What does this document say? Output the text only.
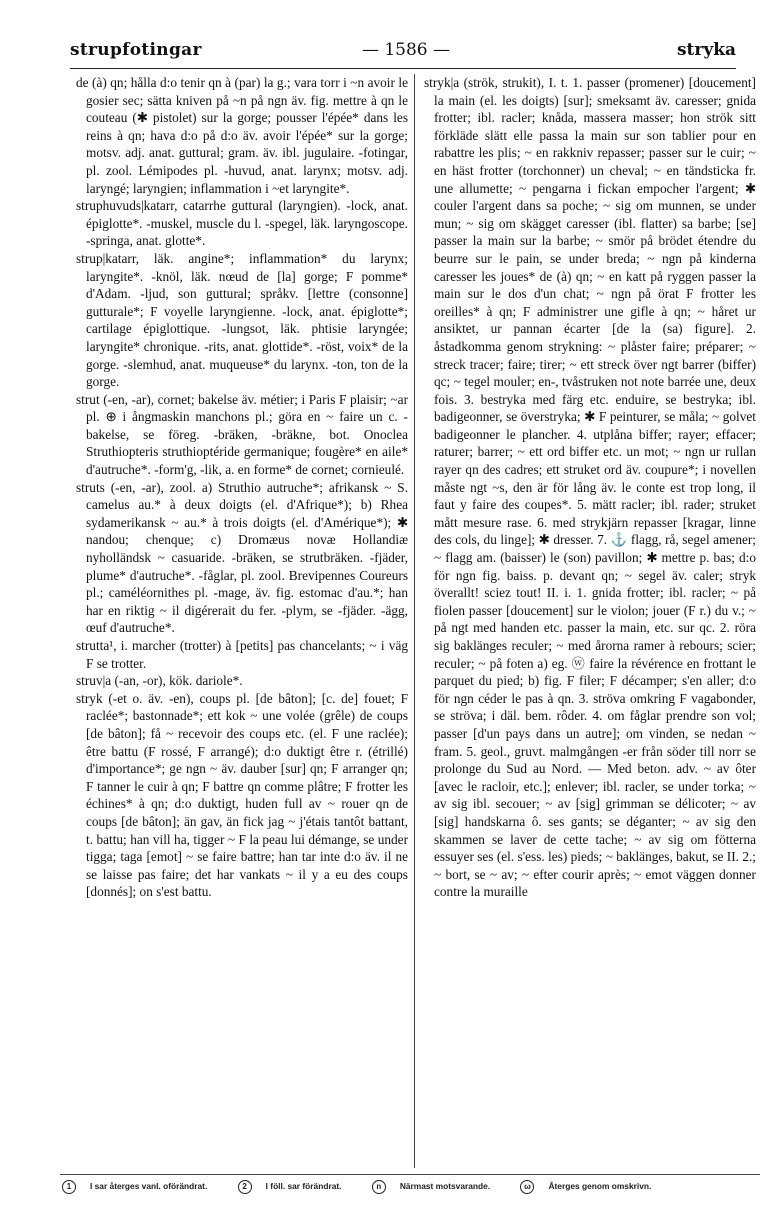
strupfotingar	— 1586 —	stryka

de (à) qn; hålla d:o tenir qn à (par) la g.; vara torr i ~n avoir le gosier sec; sätta kniven på ~n på ngn äv. fig. mettre à qn le couteau (✱ pistolet) sur la gorge; pousser l'épée* dans les reins à qn; hava d:o på d:o äv. avoir l'épée* sur la gorge; motsv. adj. anat. guttural; gram. äv. ibl. jugulaire. -fotingar, pl. zool. Lémipodes pl. -huvud, anat. larynx; motsv. adj. laryngé; laryngien; inflammation i ~et laryngite*.

struphuvuds|katarr, catarrhe guttural (laryngien). -lock, anat. épiglotte*. -muskel, muscle du l. -spegel, läk. laryngoscope. -springa, anat. glotte*.

strup|katarr, läk. angine*; inflammation* du larynx; laryngite*. -knöl, läk. nœud de [la] gorge; F pomme* d'Adam. -ljud, son guttural; språkv. [lettre (consonne] gutturale*; F voyelle laryngienne. -lock, anat. épiglotte*; cartilage épiglottique. -lungsot, läk. phtisie laryngée; laryngite* chronique. -rits, anat. glottide*. -röst, voix* de la gorge. -slemhud, anat. muqueuse* du larynx. -ton, ton de la gorge.

strut (-en, -ar), cornet; bakelse äv. métier; i Paris F plaisir; ~ar pl. ⊕ i ångmaskin manchons pl.; göra en ~ faire un c. -bakelse, se föreg. -bräken, -bräkne, bot. Onoclea Struthiopteris struthioptéride germanique; fougère* en aile* d'autruche*. -form'g, -lik, a. en forme* de cornet; cornieulé.

struts (-en, -ar), zool. a) Struthio autruche*; afrikansk ~ S. camelus au.* à deux doigts (el. d'Afrique*); b) Rhea sydamerikansk ~ au.* à trois doigts (el. d'Amérique*); ✱ nandou; chenque; c) Dromæus novæ Hollandiæ nyholländsk ~ casuaride. -bräken, se strutbräken. -fjäder, plume* d'autruche*. -fåglar, pl. zool. Brevipennes Coureurs pl.; caméléornithes pl. -mage, äv. fig. estomac d'au.*; han har en riktig ~ il digérerait du fer. -plym, se -fjäder. -ägg, œuf d'autruche*.

strutta¹, i. marcher (trotter) à [petits] pas chancelants; ~ i väg F se trotter.

struv|a (-an, -or), kök. dariole*.

stryk (-et o. äv. -en), coups pl. [de bâton]; [c. de] fouet; F raclée*; bastonnade*; ett kok ~ une volée (grêle) de coups [de bâton]; få ~ recevoir des coups etc. (el. F une raclée); être battu (F rossé, F arrangé); d:o duktigt être r. (étrillé) d'importance*; ge ngn ~ äv. dauber [sur] qn; F arranger qn; F tanner le cuir à qn; F battre qn comme plâtre; F frotter les échines* à qn; d:o duktigt, huden full av ~ rouer qn de coups [de bâton]; än gav, än fick jag ~ j'étais tantôt battant, t. battu; han vill ha, tigger ~ F la peau lui démange, se under tigga; taga [emot] ~ se faire battre; han tar inte d:o äv. il ne se laisse pas faire; det har vankats ~ il y a eu des coups [donnés]; on s'est battu.

stryk|a (strök, strukit), I. t. 1. passer (promener) [doucement] la main (el. les doigts) [sur]; smeksamt äv. caresser; gnida frotter; ibl. racler; knåda, massera masser; hon strök sitt förkläde slätt elle passa la main sur son tablier pour en rabattre les plis; ~ en rakkniv repasser; passer sur le cuir; ~ en häst frotter (torchonner) un cheval; ~ en tändsticka fr. une allumette; ~ pengarna i fickan empocher l'argent; ✱ couler l'argent dans sa poche; ~ sig om munnen, se under mun; ~ sig om skägget caresser (ibl. flatter) sa barbe; [se] passer la main sur la barbe; ~ smör på brödet étendre du beurre sur le pain, se under breda; ~ ngn på kinderna caresser les joues* de (à) qn; ~ en katt på ryggen passer la main sur le dos d'un chat; ~ ngn på örat F frotter les oreilles* à qn; F administrer une gifle à qn; ~ håret ur ansiktet, ur pannan écarter [de la (sa) figure]. 2. åstadkomma genom strykning: ~ plåster faire; préparer; ~ streck tracer; faire; tirer; ~ ett streck över ngt barrer (biffer) qc; ~ tegel mouler; en-, tvåstruken not note barrée une, deux fois. 3. bestryka med färg etc. enduire, se bestryka; ibl. badigeonner, se överstryka; ✱ F peinturer, se måla; ~ golvet badigeonner le plancher. 4. utplåna biffer; rayer; effacer; raturer; barrer; ~ ett ord biffer etc. un mot; ~ ngn ur rullan rayer qn des cadres; ett struket ord äv. coupure*; i novellen måste ngt ~s, den är för lång äv. le conte est trop long, il faut y faire des coupes*. 5. mätt racler; ibl. rader; struket mått mesure rase. 6. med strykjärn repasser [kragar, linne des cols, du linge]; ✱ dresser. 7. ⚓ flagg, rå, segel amener; ~ flagg am. (baisser) le (son) pavillon; ✱ mettre p. bas; d:o för ngn fig. baiss. p. devant qn; ~ segel äv. caler; stryk överallt! sciez tout! II. i. 1. gnida frotter; ibl. racler; ~ på fiolen passer [doucement] sur le violon; jouer (F r.) du v.; ~ på ngt med handen etc. passer la main, etc. sur qc. 2. röra sig baklänges reculer; ~ med årorna ramer à rebours; scier; reculer; ~ på foten a) eg. ⓦ faire la révérence en frottant le parquet du pied; b) fig. F filer; F décamper; s'en aller; d:o för ngn céder le pas à qn. 3. ströva omkring F vagabonder, se ströva; i däl. bem. rôder. 4. om fåglar prendre son vol; passer [d'un pays dans un autre]; om vinden, se nedan ~ fram. 5. geol., gruvt. malmgången -er från söder till norr se prolonge du Sud au Nord. — Med beton. adv. ~ av ôter [avec le racloir, etc.]; enlever; ibl. racler, se under torka; ~ av sig ibl. secouer; ~ av [sig] grimman se délicoter; ~ av [sig] handskarna ô. ses gants; se déganter; ~ av sig den skammen se laver de cette tache; ~ av sig om fötterna essuyer ses (el. s'ess. les) pieds; ~ baklänges, bakut, se II. 2.; ~ bort, se ~ av; ~ efter courir après; ~ emot väggen donner contre la muraille

1 I sar återges vanl. oförändrat.	2 I föll. sar förändrat.	n Närmast motsvarande.	ω Återges genom omskrivn.
